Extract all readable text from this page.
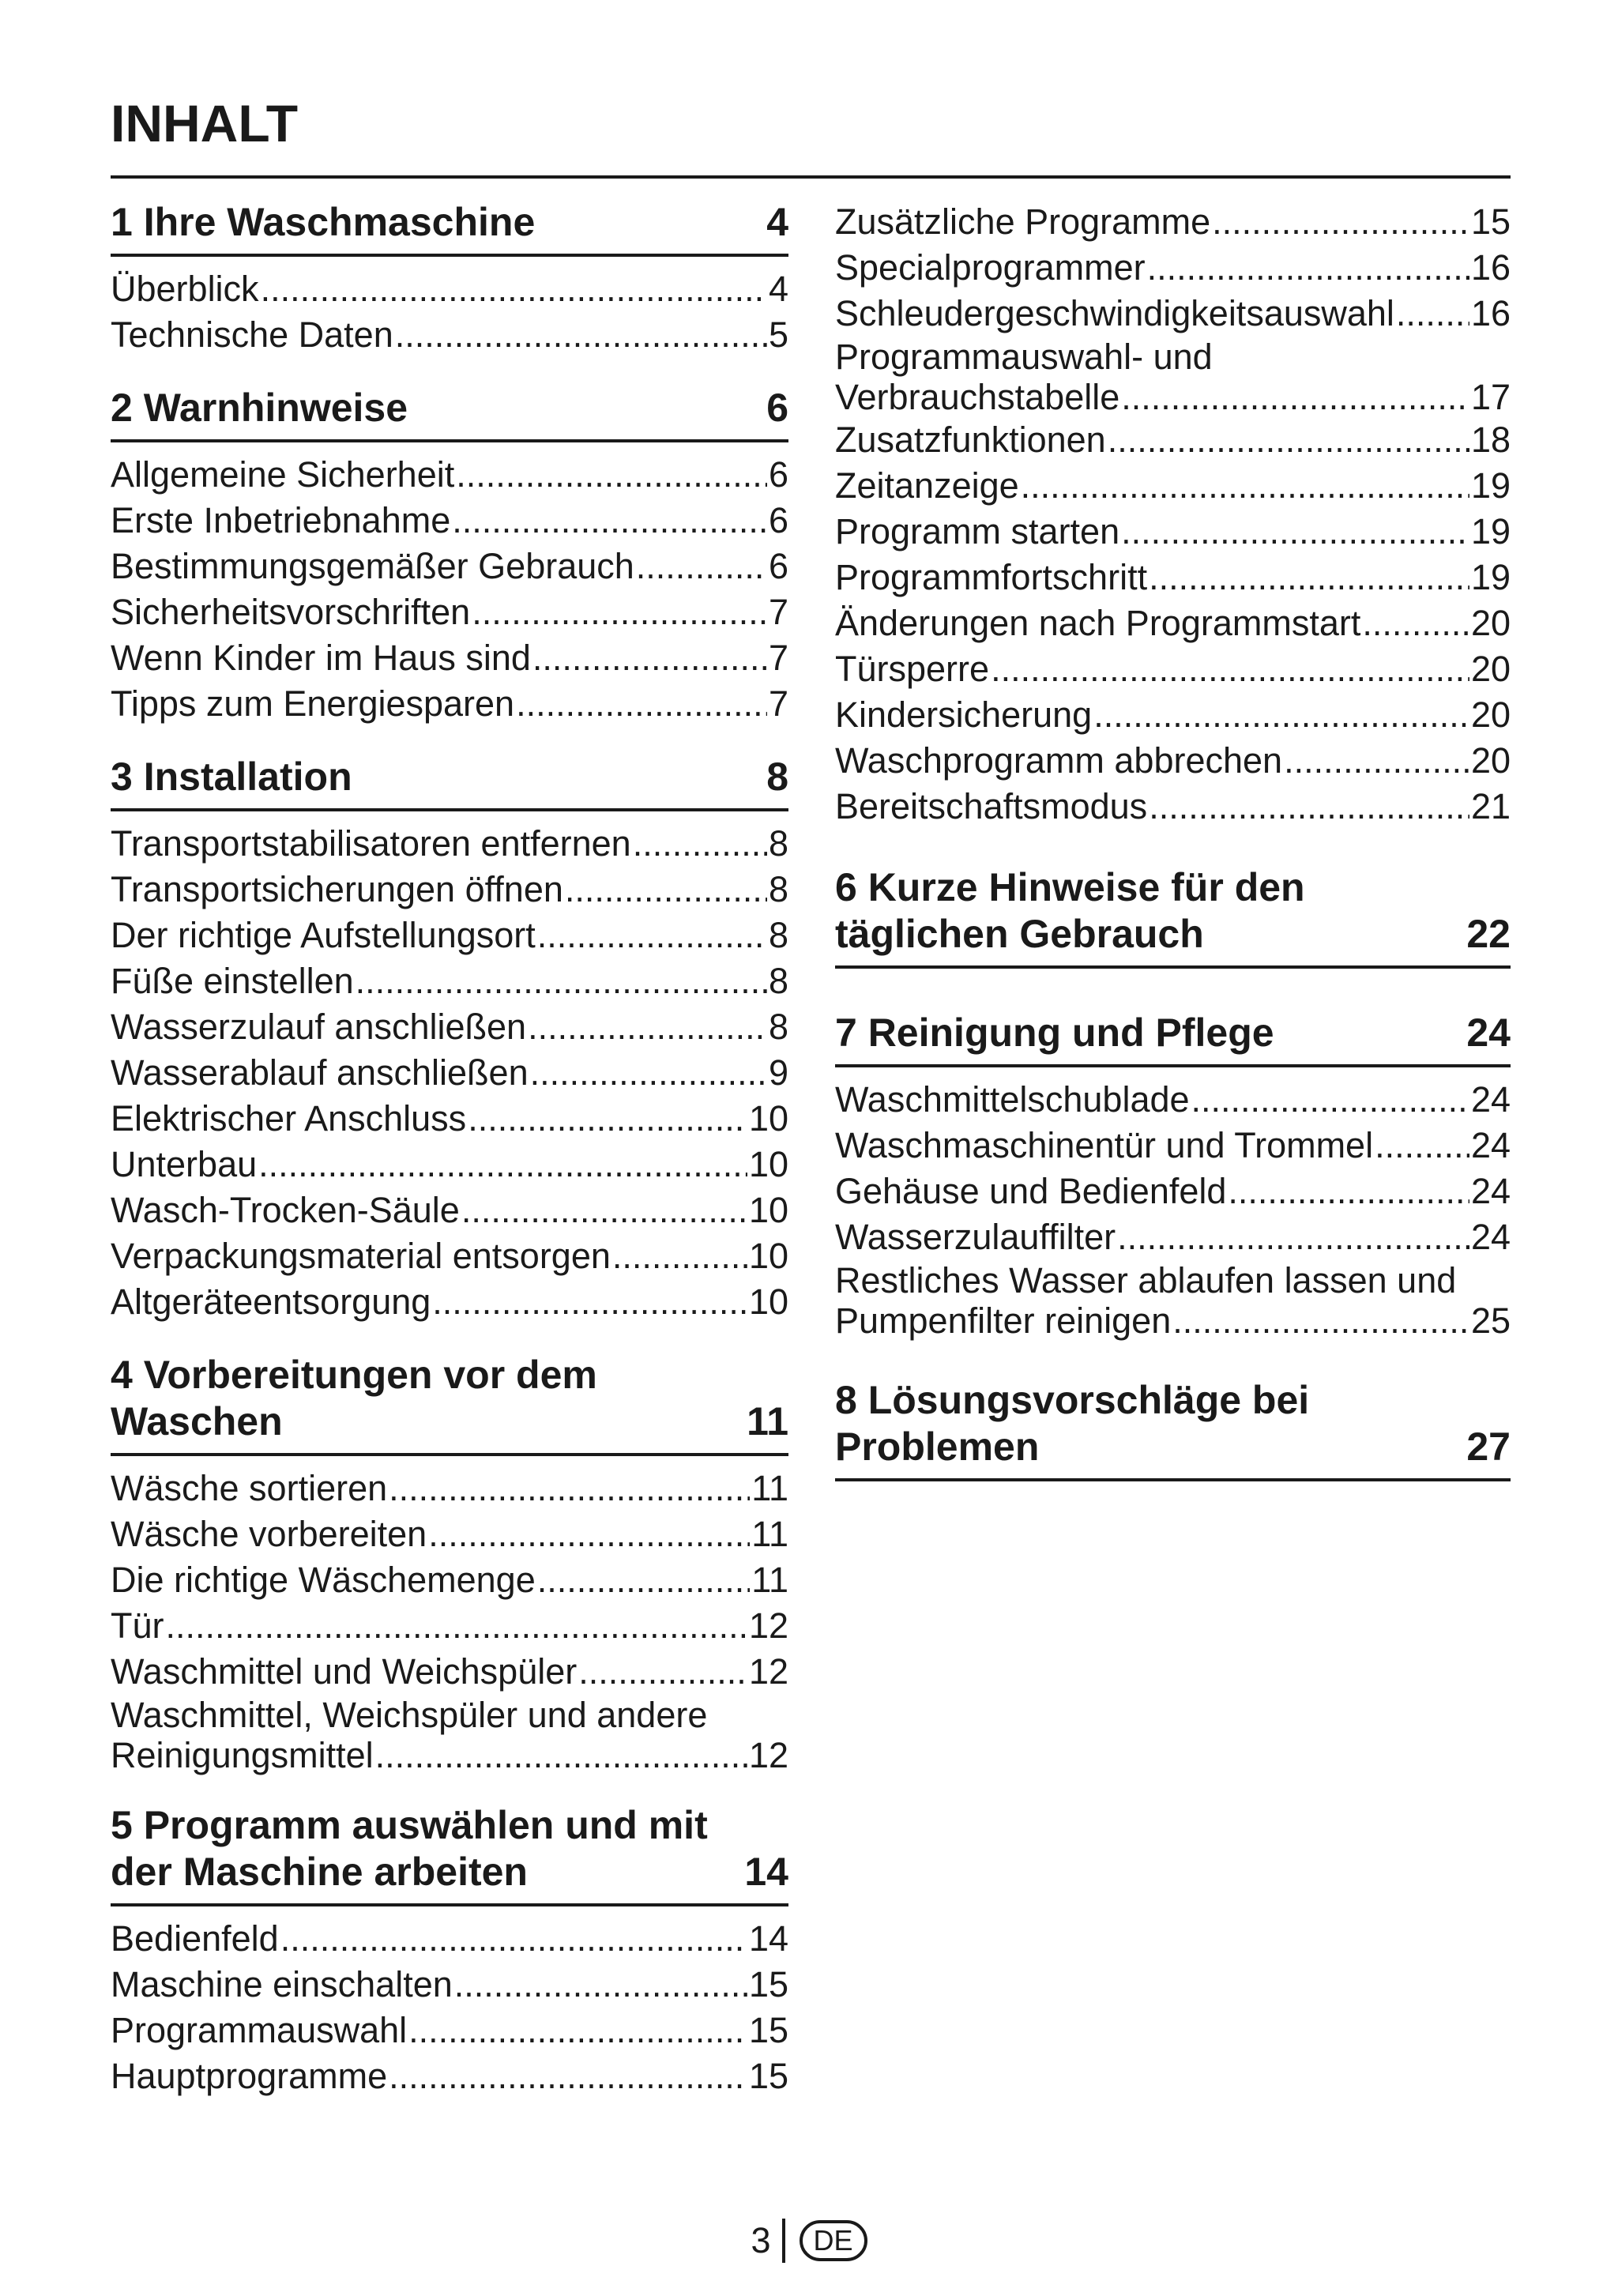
INHALT
1 Ihre Waschmaschine	4
Überblick .....	4
Technische Daten .....	5
2 Warnhinweise	6
Allgemeine Sicherheit .....	6
Erste Inbetriebnahme .....	6
Bestimmungsgemäßer Gebrauch .....	6
Sicherheitsvorschriften .....	7
Wenn Kinder im Haus sind .....	7
Tipps zum Energiesparen .....	7
3 Installation	8
Transportstabilisatoren entfernen .....	8
Transportsicherungen öffnen .....	8
Der richtige Aufstellungsort .....	8
Füße einstellen .....	8
Wasserzulauf anschließen .....	8
Wasserablauf anschließen .....	9
Elektrischer Anschluss .....	10
Unterbau .....	10
Wasch-Trocken-Säule .....	10
Verpackungsmaterial entsorgen .....	10
Altgeräteentsorgung .....	10
4 Vorbereitungen vor dem
Waschen	11
Wäsche sortieren .....	11
Wäsche vorbereiten .....	11
Die richtige Wäschemenge .....	11
Tür .....	12
Waschmittel und Weichspüler .....	12
Waschmittel, Weichspüler und andere
Reinigungsmittel .....	12
5 Programm auswählen und mit
der Maschine arbeiten	14
Bedienfeld .....	14
Maschine einschalten .....	15
Programmauswahl .....	15
Hauptprogramme .....	15
Zusätzliche Programme .....	15
Specialprogrammer .....	16
Schleudergeschwindigkeitsauswahl ..... 16
Programmauswahl- und
Verbrauchstabelle .....	17
Zusatzfunktionen .....	18
Zeitanzeige .....	19
Programm starten .....	19
Programmfortschritt .....	19
Änderungen nach Programmstart .....	20
Türsperre .....	20
Kindersicherung .....	20
Waschprogramm abbrechen .....	20
Bereitschaftsmodus .....	21
6 Kurze Hinweise für den
täglichen Gebrauch	22
7 Reinigung und Pflege	24
Waschmittelschublade .....	24
Waschmaschinentür und Trommel .....	24
Gehäuse und Bedienfeld .....	24
Wasserzulauffilter .....	24
Restliches Wasser ablaufen lassen und
Pumpenfilter reinigen .....	25
8 Lösungsvorschläge bei
Problemen	27
3	DE
